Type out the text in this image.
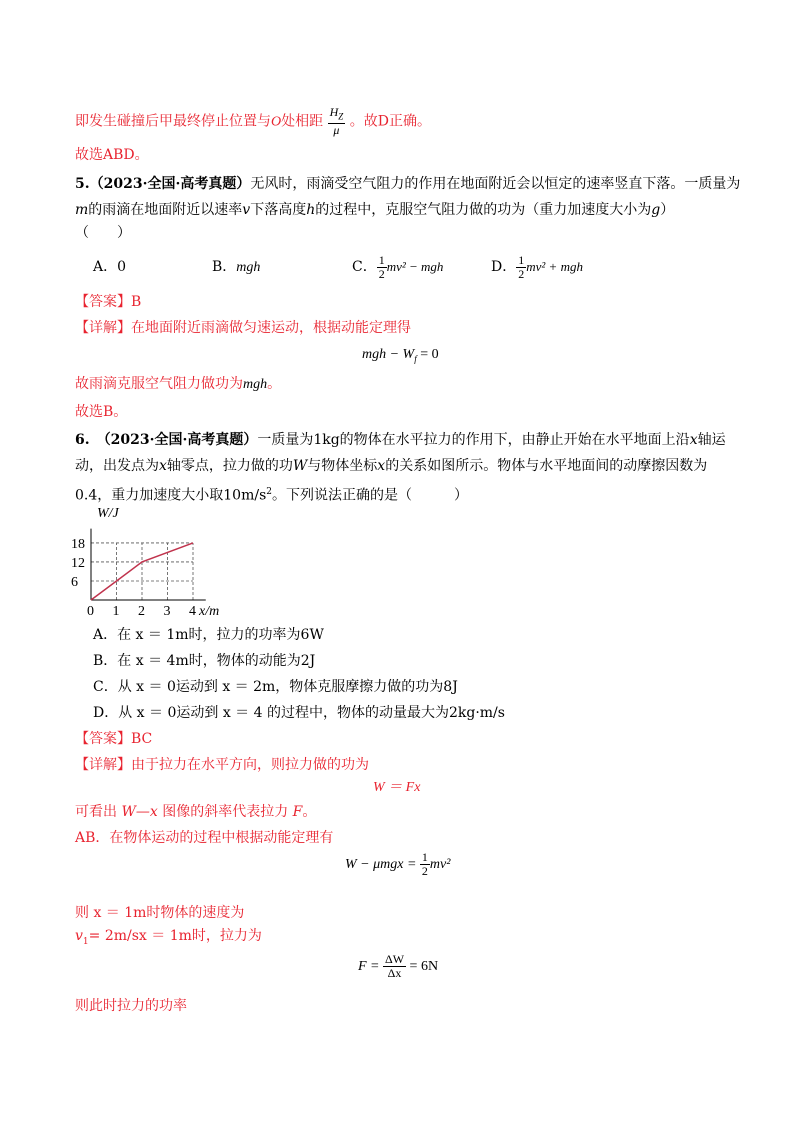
即发生碰撞后甲最终停止位置与O处相距 $\frac{H_Z}{\mu}$ 。故D正确。
故选ABD。
5.（2023·全国·高考真题）无风时，雨滴受空气阻力的作用在地面附近会以恒定的速率竖直下落。一质量为
m的雨滴在地面附近以速率v下落高度h的过程中，克服空气阻力做的功为（重力加速度大小为g）
（　　）
A．0	B．mgh	C． $\frac{1}{2} mv^2$ − mgh	D． $\frac{1}{2} mv^2$ + mgh
【答案】B
【详解】在地面附近雨滴做匀速运动，根据动能定理得
mgh − $W_f = 0$
故雨滴克服空气阻力做功为mgh。
故选B。
6.　（2023·全国·高考真题）一质量为1kg的物体在水平拉力的作用下，由静止开始在水平地面上沿x轴运
动，出发点为x轴零点，拉力做的功W与物体坐标x的关系如图所示。物体与水平地面间的动摩擦因数为
0.4，重力加速度大小取$10m/s^2$。下列说法正确的是（　　　）
0 1 2 3 4
6
12
18
W/J
x/m
A．在 x ＝ 1m时，拉力的功率为6W
B．在 x ＝ 4m时，物体的动能为2J
C．从 x ＝ 0运动到 x ＝ 2m，物体克服摩擦力做的功为8J
D．从 x ＝ 0运动到 x ＝ 4 的过程中，物体的动量最大为2kg·m/s
【答案】BC
【详解】由于拉力在水平方向，则拉力做的功为
W ＝ Fx
可看出 W—x 图像的斜率代表拉力 F。
AB．在物体运动的过程中根据动能定理有
$W - \mu mgx = \frac{1}{2} mv^2$
则 x ＝ 1m时物体的速度为
$v_1= 2m/sx = 1m$时，拉力为
$F = \frac{\Delta W}{\Delta x} = 6N$
则此时拉力的功率
